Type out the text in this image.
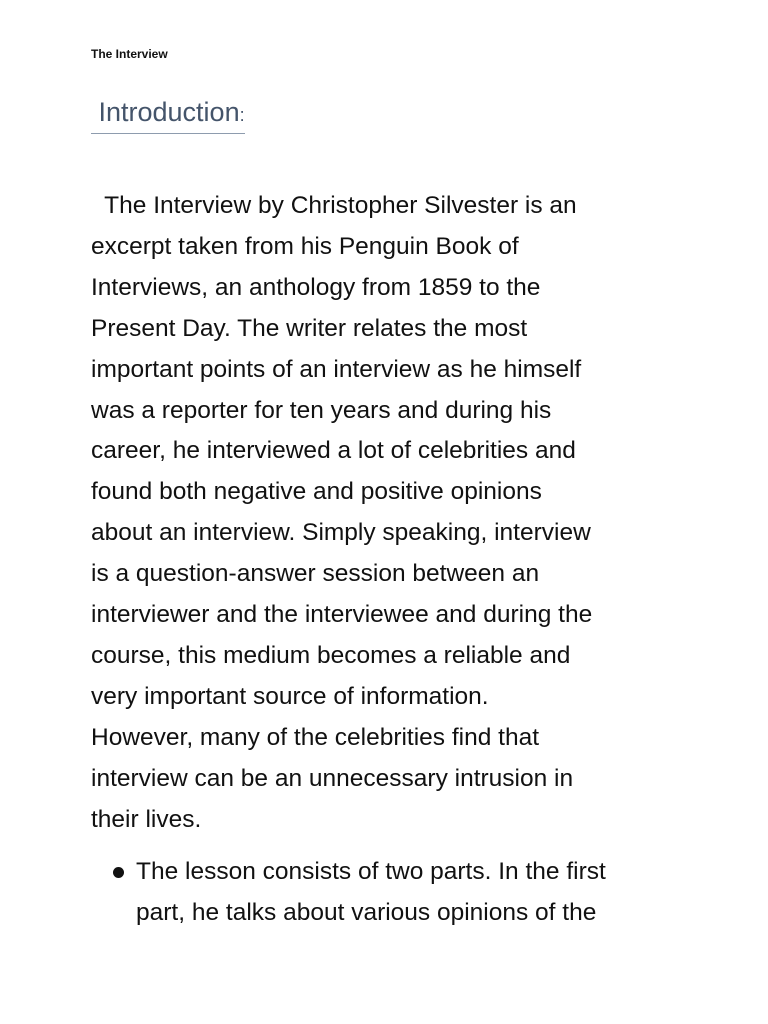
The Interview
Introduction:
The Interview by Christopher Silvester is an
excerpt taken from his Penguin Book of
Interviews, an anthology from 1859 to the
Present Day. The writer relates the most
important points of an interview as he himself
was a reporter for ten years and during his
career, he interviewed a lot of celebrities and
found both negative and positive opinions
about an interview. Simply speaking, interview
is a question-answer session between an
interviewer and the interviewee and during the
course, this medium becomes a reliable and
very important source of information.
However, many of the celebrities find that
interview can be an unnecessary intrusion in
their lives.
The lesson consists of two parts. In the first
part, he talks about various opinions of the
